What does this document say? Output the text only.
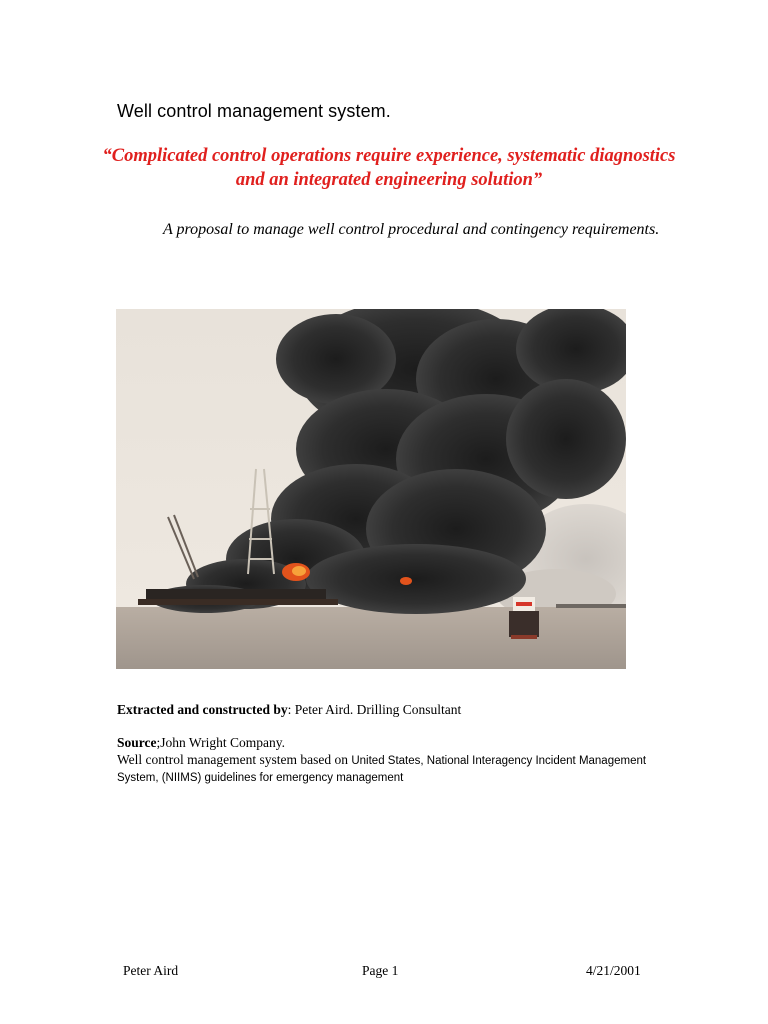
Well control management system.
“Complicated control operations require experience, systematic diagnostics and an integrated engineering solution”
A proposal to manage well control procedural and contingency requirements.
Extracted and constructed by: Peter Aird. Drilling Consultant
Source;John Wright Company.
Well control management system based on United States, National Interagency Incident Management System, (NIIMS) guidelines for emergency management
Peter Aird	Page 1	4/21/2001
